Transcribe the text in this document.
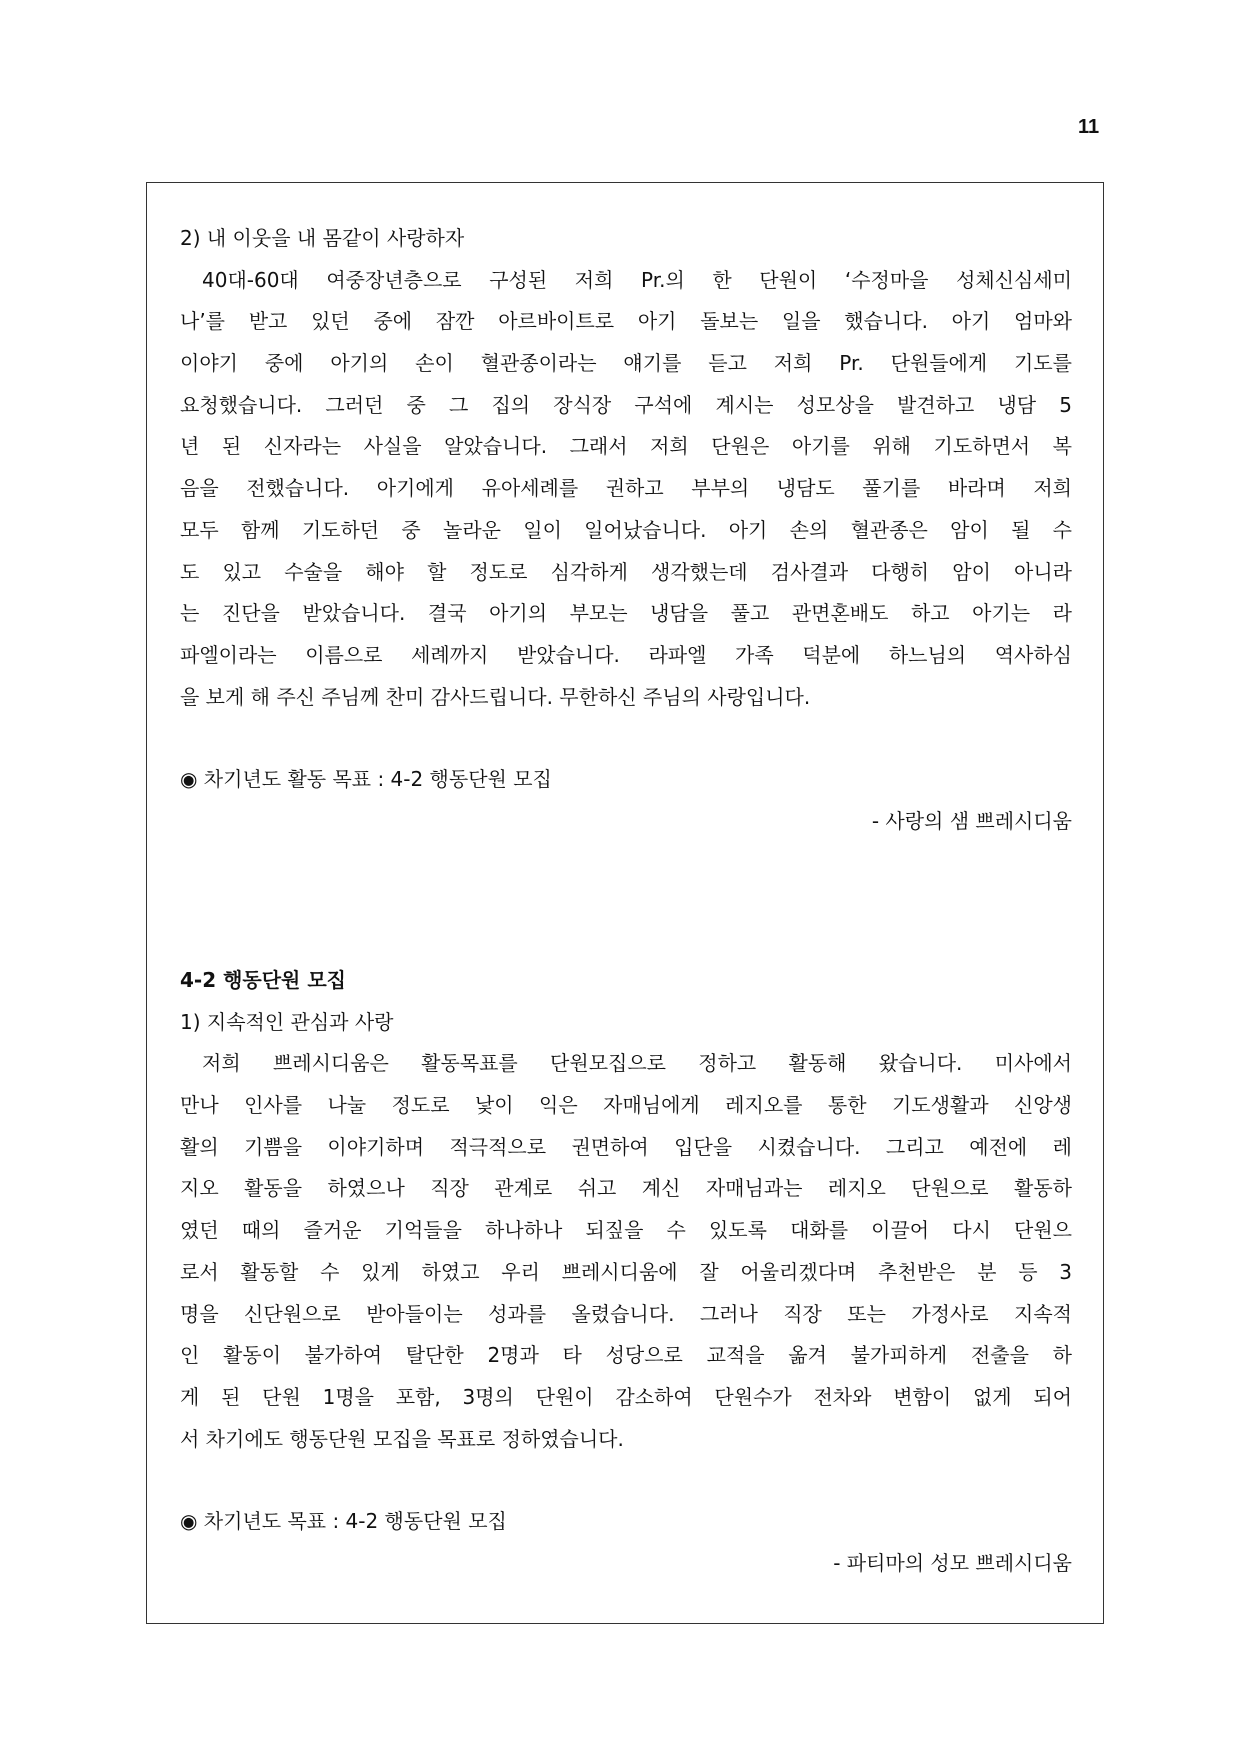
11
2) 내 이웃을 내 몸같이 사랑하자
40대-60대 여중장년층으로 구성된 저희 Pr.의 한 단원이 ‘수정마을 성체신심세미
나’를 받고 있던 중에 잠깐 아르바이트로 아기 돌보는 일을 했습니다. 아기 엄마와
이야기 중에 아기의 손이 혈관종이라는 얘기를 듣고 저희 Pr. 단원들에게 기도를
요청했습니다. 그러던 중 그 집의 장식장 구석에 계시는 성모상을 발견하고 냉담 5
년 된 신자라는 사실을 알았습니다. 그래서 저희 단원은 아기를 위해 기도하면서 복
음을 전했습니다. 아기에게 유아세례를 권하고 부부의 냉담도 풀기를 바라며 저희
모두 함께 기도하던 중 놀라운 일이 일어났습니다. 아기 손의 혈관종은 암이 될 수
도 있고 수술을 해야 할 정도로 심각하게 생각했는데 검사결과 다행히 암이 아니라
는 진단을 받았습니다. 결국 아기의 부모는 냉담을 풀고 관면혼배도 하고 아기는 라
파엘이라는 이름으로 세례까지 받았습니다. 라파엘 가족 덕분에 하느님의 역사하심
을 보게 해 주신 주님께 찬미 감사드립니다. 무한하신 주님의 사랑입니다.
◉ 차기년도 활동 목표 : 4-2 행동단원 모집
- 사랑의 샘 쁘레시디움
4-2 행동단원 모집
1) 지속적인 관심과 사랑
저희 쁘레시디움은 활동목표를 단원모집으로 정하고 활동해 왔습니다. 미사에서
만나 인사를 나눌 정도로 낯이 익은 자매님에게 레지오를 통한 기도생활과 신앙생
활의 기쁨을 이야기하며 적극적으로 권면하여 입단을 시켰습니다. 그리고 예전에 레
지오 활동을 하였으나 직장 관계로 쉬고 계신 자매님과는 레지오 단원으로 활동하
였던 때의 즐거운 기억들을 하나하나 되짚을 수 있도록 대화를 이끌어 다시 단원으
로서 활동할 수 있게 하였고 우리 쁘레시디움에 잘 어울리겠다며 추천받은 분 등 3
명을 신단원으로 받아들이는 성과를 올렸습니다. 그러나 직장 또는 가정사로 지속적
인 활동이 불가하여 탈단한 2명과 타 성당으로 교적을 옮겨 불가피하게 전출을 하
게 된 단원 1명을 포함, 3명의 단원이 감소하여 단원수가 전차와 변함이 없게 되어
서 차기에도 행동단원 모집을 목표로 정하였습니다.
◉ 차기년도 목표 : 4-2 행동단원 모집
- 파티마의 성모 쁘레시디움
